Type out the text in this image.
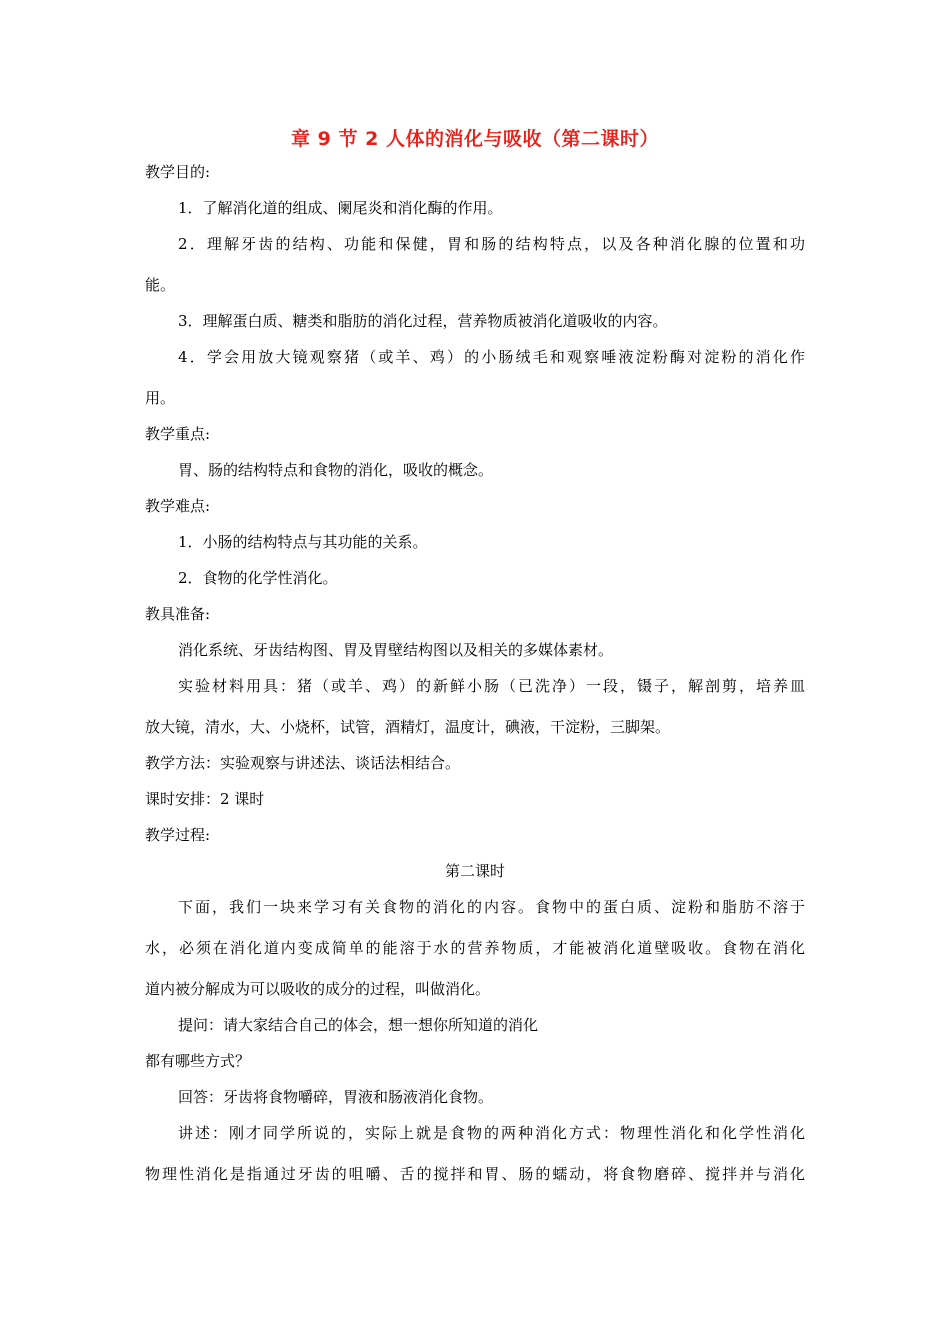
章 9 节 2 人体的消化与吸收（第二课时）
教学目的:
1．了解消化道的组成、阑尾炎和消化酶的作用。
2．理解牙齿的结构、功能和保健，胃和肠的结构特点，以及各种消化腺的位置和功
能。
3．理解蛋白质、糖类和脂肪的消化过程，营养物质被消化道吸收的内容。
4．学会用放大镜观察猪（或羊、鸡）的小肠绒毛和观察唾液淀粉酶对淀粉的消化作
用。
教学重点:
胃、肠的结构特点和食物的消化，吸收的概念。
教学难点:
1．小肠的结构特点与其功能的关系。
2．食物的化学性消化。
教具准备:
消化系统、牙齿结构图、胃及胃壁结构图以及相关的多媒体素材。
实验材料用具：猪（或羊、鸡）的新鲜小肠（已洗净）一段，镊子，解剖剪，培养皿
放大镜，清水，大、小烧杯，试管，酒精灯，温度计，碘液，干淀粉，三脚架。
教学方法：实验观察与讲述法、谈话法相结合。
课时安排：2 课时
教学过程:
第二课时
下面，我们一块来学习有关食物的消化的内容。食物中的蛋白质、淀粉和脂肪不溶于
水，必须在消化道内变成简单的能溶于水的营养物质，才能被消化道壁吸收。食物在消化
道内被分解成为可以吸收的成分的过程，叫做消化。
提问：请大家结合自己的体会，想一想你所知道的消化
都有哪些方式？
回答：牙齿将食物嚼碎，胃液和肠液消化食物。
讲述：刚才同学所说的，实际上就是食物的两种消化方式：物理性消化和化学性消化
物理性消化是指通过牙齿的咀嚼、舌的搅拌和胃、肠的蠕动，将食物磨碎、搅拌并与消化
